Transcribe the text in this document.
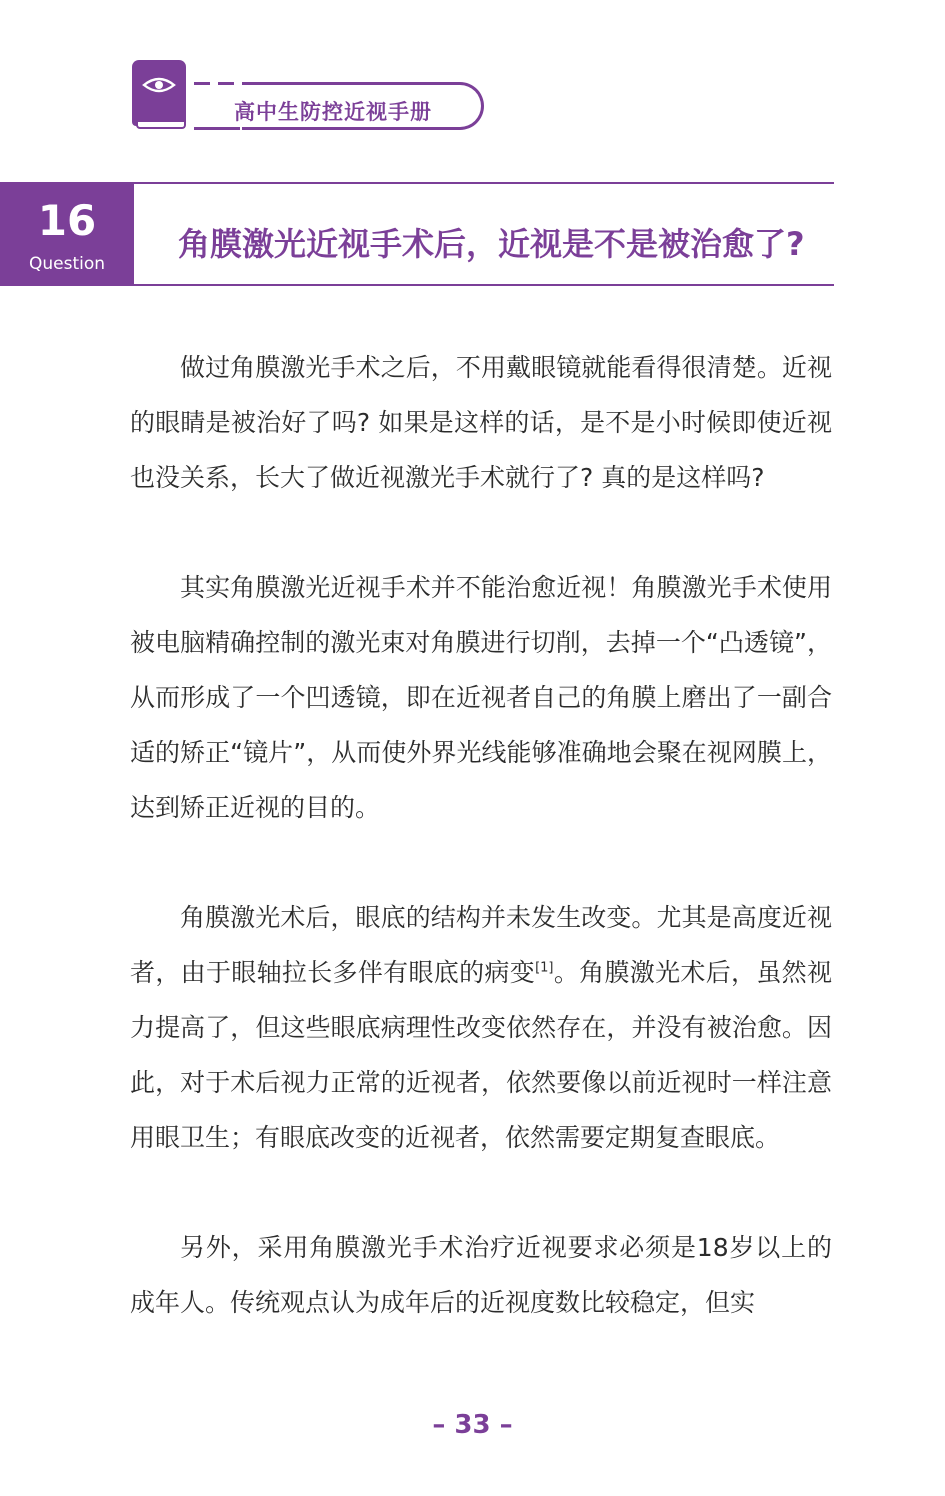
高中生防控近视手册
16
Question
角膜激光近视手术后，近视是不是被治愈了?

做过角膜激光手术之后，不用戴眼镜就能看得很清楚。近视的眼睛是被治好了吗? 如果是这样的话，是不是小时候即使近视也没关系，长大了做近视激光手术就行了? 真的是这样吗?

其实角膜激光近视手术并不能治愈近视！角膜激光手术使用被电脑精确控制的激光束对角膜进行切削，去掉一个“凸透镜”，从而形成了一个凹透镜，即在近视者自己的角膜上磨出了一副合适的矫正“镜片”，从而使外界光线能够准确地会聚在视网膜上，达到矫正近视的目的。

角膜激光术后，眼底的结构并未发生改变。尤其是高度近视者，由于眼轴拉长多伴有眼底的病变[1]。角膜激光术后，虽然视力提高了，但这些眼底病理性改变依然存在，并没有被治愈。因此，对于术后视力正常的近视者，依然要像以前近视时一样注意用眼卫生；有眼底改变的近视者，依然需要定期复查眼底。

另外，采用角膜激光手术治疗近视要求必须是18岁以上的成年人。传统观点认为成年后的近视度数比较稳定，但实

– 33 –
